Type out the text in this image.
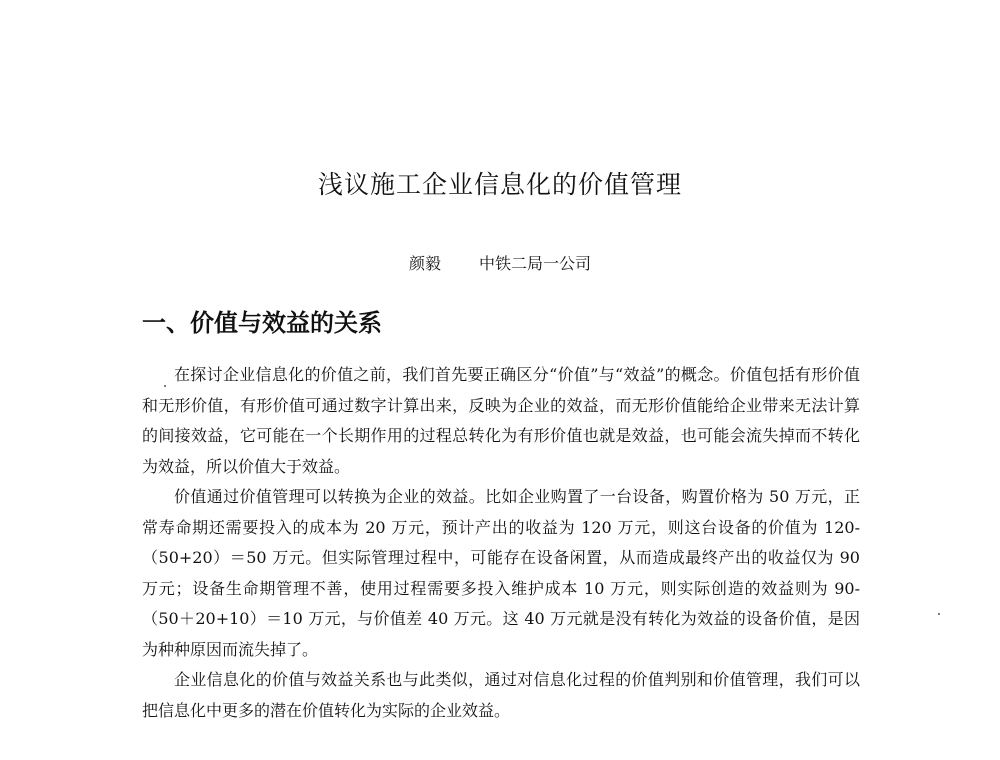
浅议施工企业信息化的价值管理
颜毅 中铁二局一公司
一、价值与效益的关系

在探讨企业信息化的价值之前，我们首先要正确区分“价值”与“效益”的概念。价值包括有形价值和无形价值，有形价值可通过数字计算出来，反映为企业的效益，而无形价值能给企业带来无法计算的间接效益，它可能在一个长期作用的过程总转化为有形价值也就是效益，也可能会流失掉而不转化为效益，所以价值大于效益。

价值通过价值管理可以转换为企业的效益。比如企业购置了一台设备，购置价格为 50 万元，正常寿命期还需要投入的成本为 20 万元，预计产出的收益为 120 万元，则这台设备的价值为 120-（50+20）＝50 万元。但实际管理过程中，可能存在设备闲置，从而造成最终产出的收益仅为 90 万元；设备生命期管理不善，使用过程需要多投入维护成本 10 万元，则实际创造的效益则为 90-（50＋20+10）＝10 万元，与价值差 40 万元。这 40 万元就是没有转化为效益的设备价值，是因为种种原因而流失掉了。

企业信息化的价值与效益关系也与此类似，通过对信息化过程的价值判别和价值管理，我们可以把信息化中更多的潜在价值转化为实际的企业效益。
